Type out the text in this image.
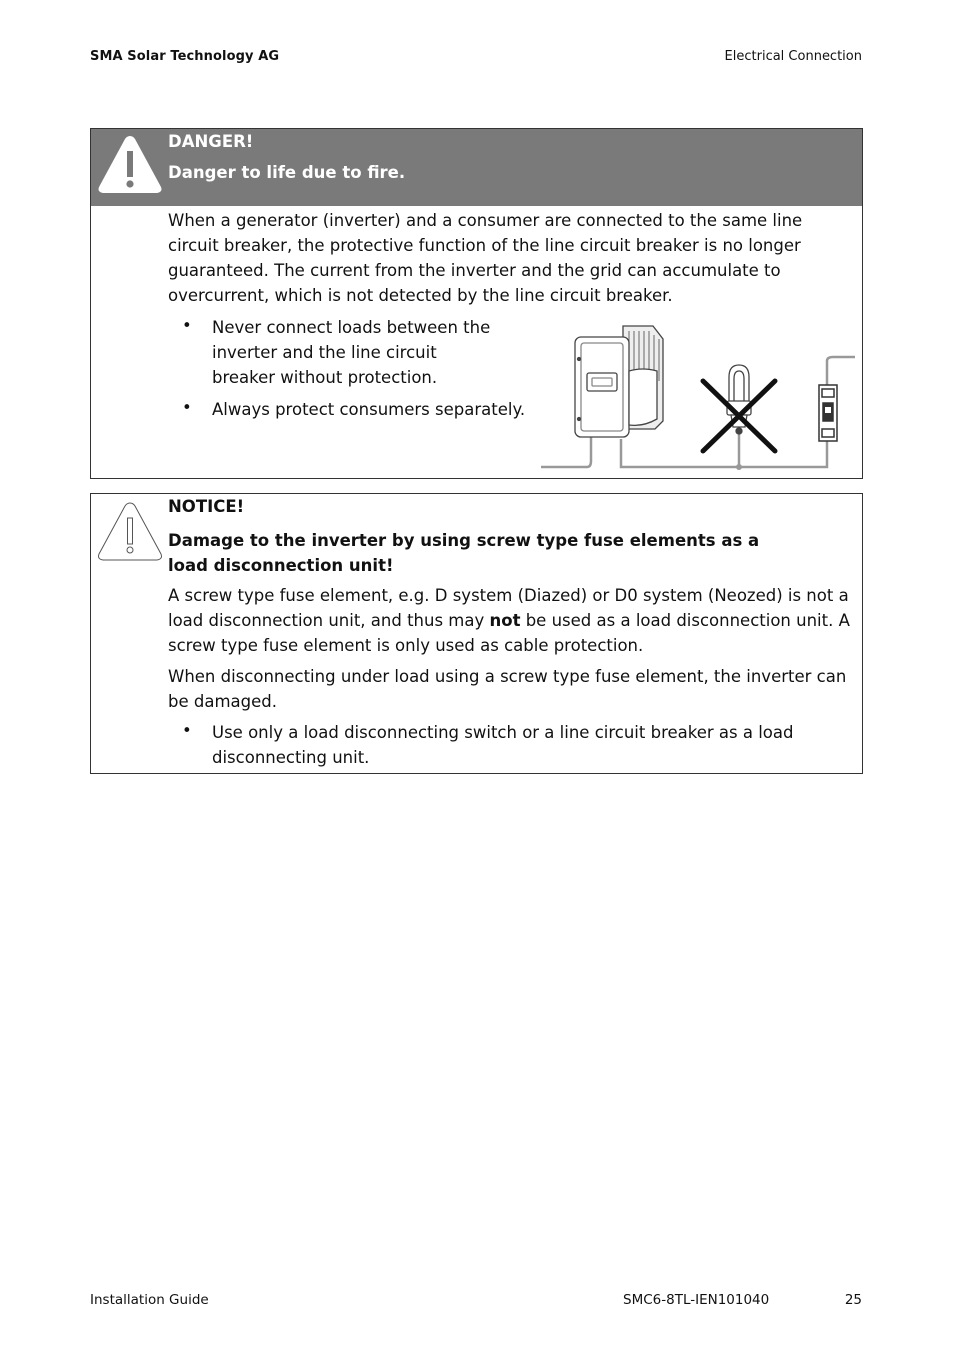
SMA Solar Technology AG	Electrical Connection
DANGER!
Danger to life due to fire.
When a generator (inverter) and a consumer are connected to the same line circuit breaker, the protective function of the line circuit breaker is no longer guaranteed. The current from the inverter and the grid can accumulate to overcurrent, which is not detected by the line circuit breaker.
• Never connect loads between the inverter and the line circuit breaker without protection.
• Always protect consumers separately.
NOTICE!
Damage to the inverter by using screw type fuse elements as a load disconnection unit!
A screw type fuse element, e.g. D system (Diazed) or D0 system (Neozed) is not a load disconnection unit, and thus may not be used as a load disconnection unit. A screw type fuse element is only used as cable protection.
When disconnecting under load using a screw type fuse element, the inverter can be damaged.
• Use only a load disconnecting switch or a line circuit breaker as a load disconnecting unit.
Installation Guide	SMC6-8TL-IEN101040	25
